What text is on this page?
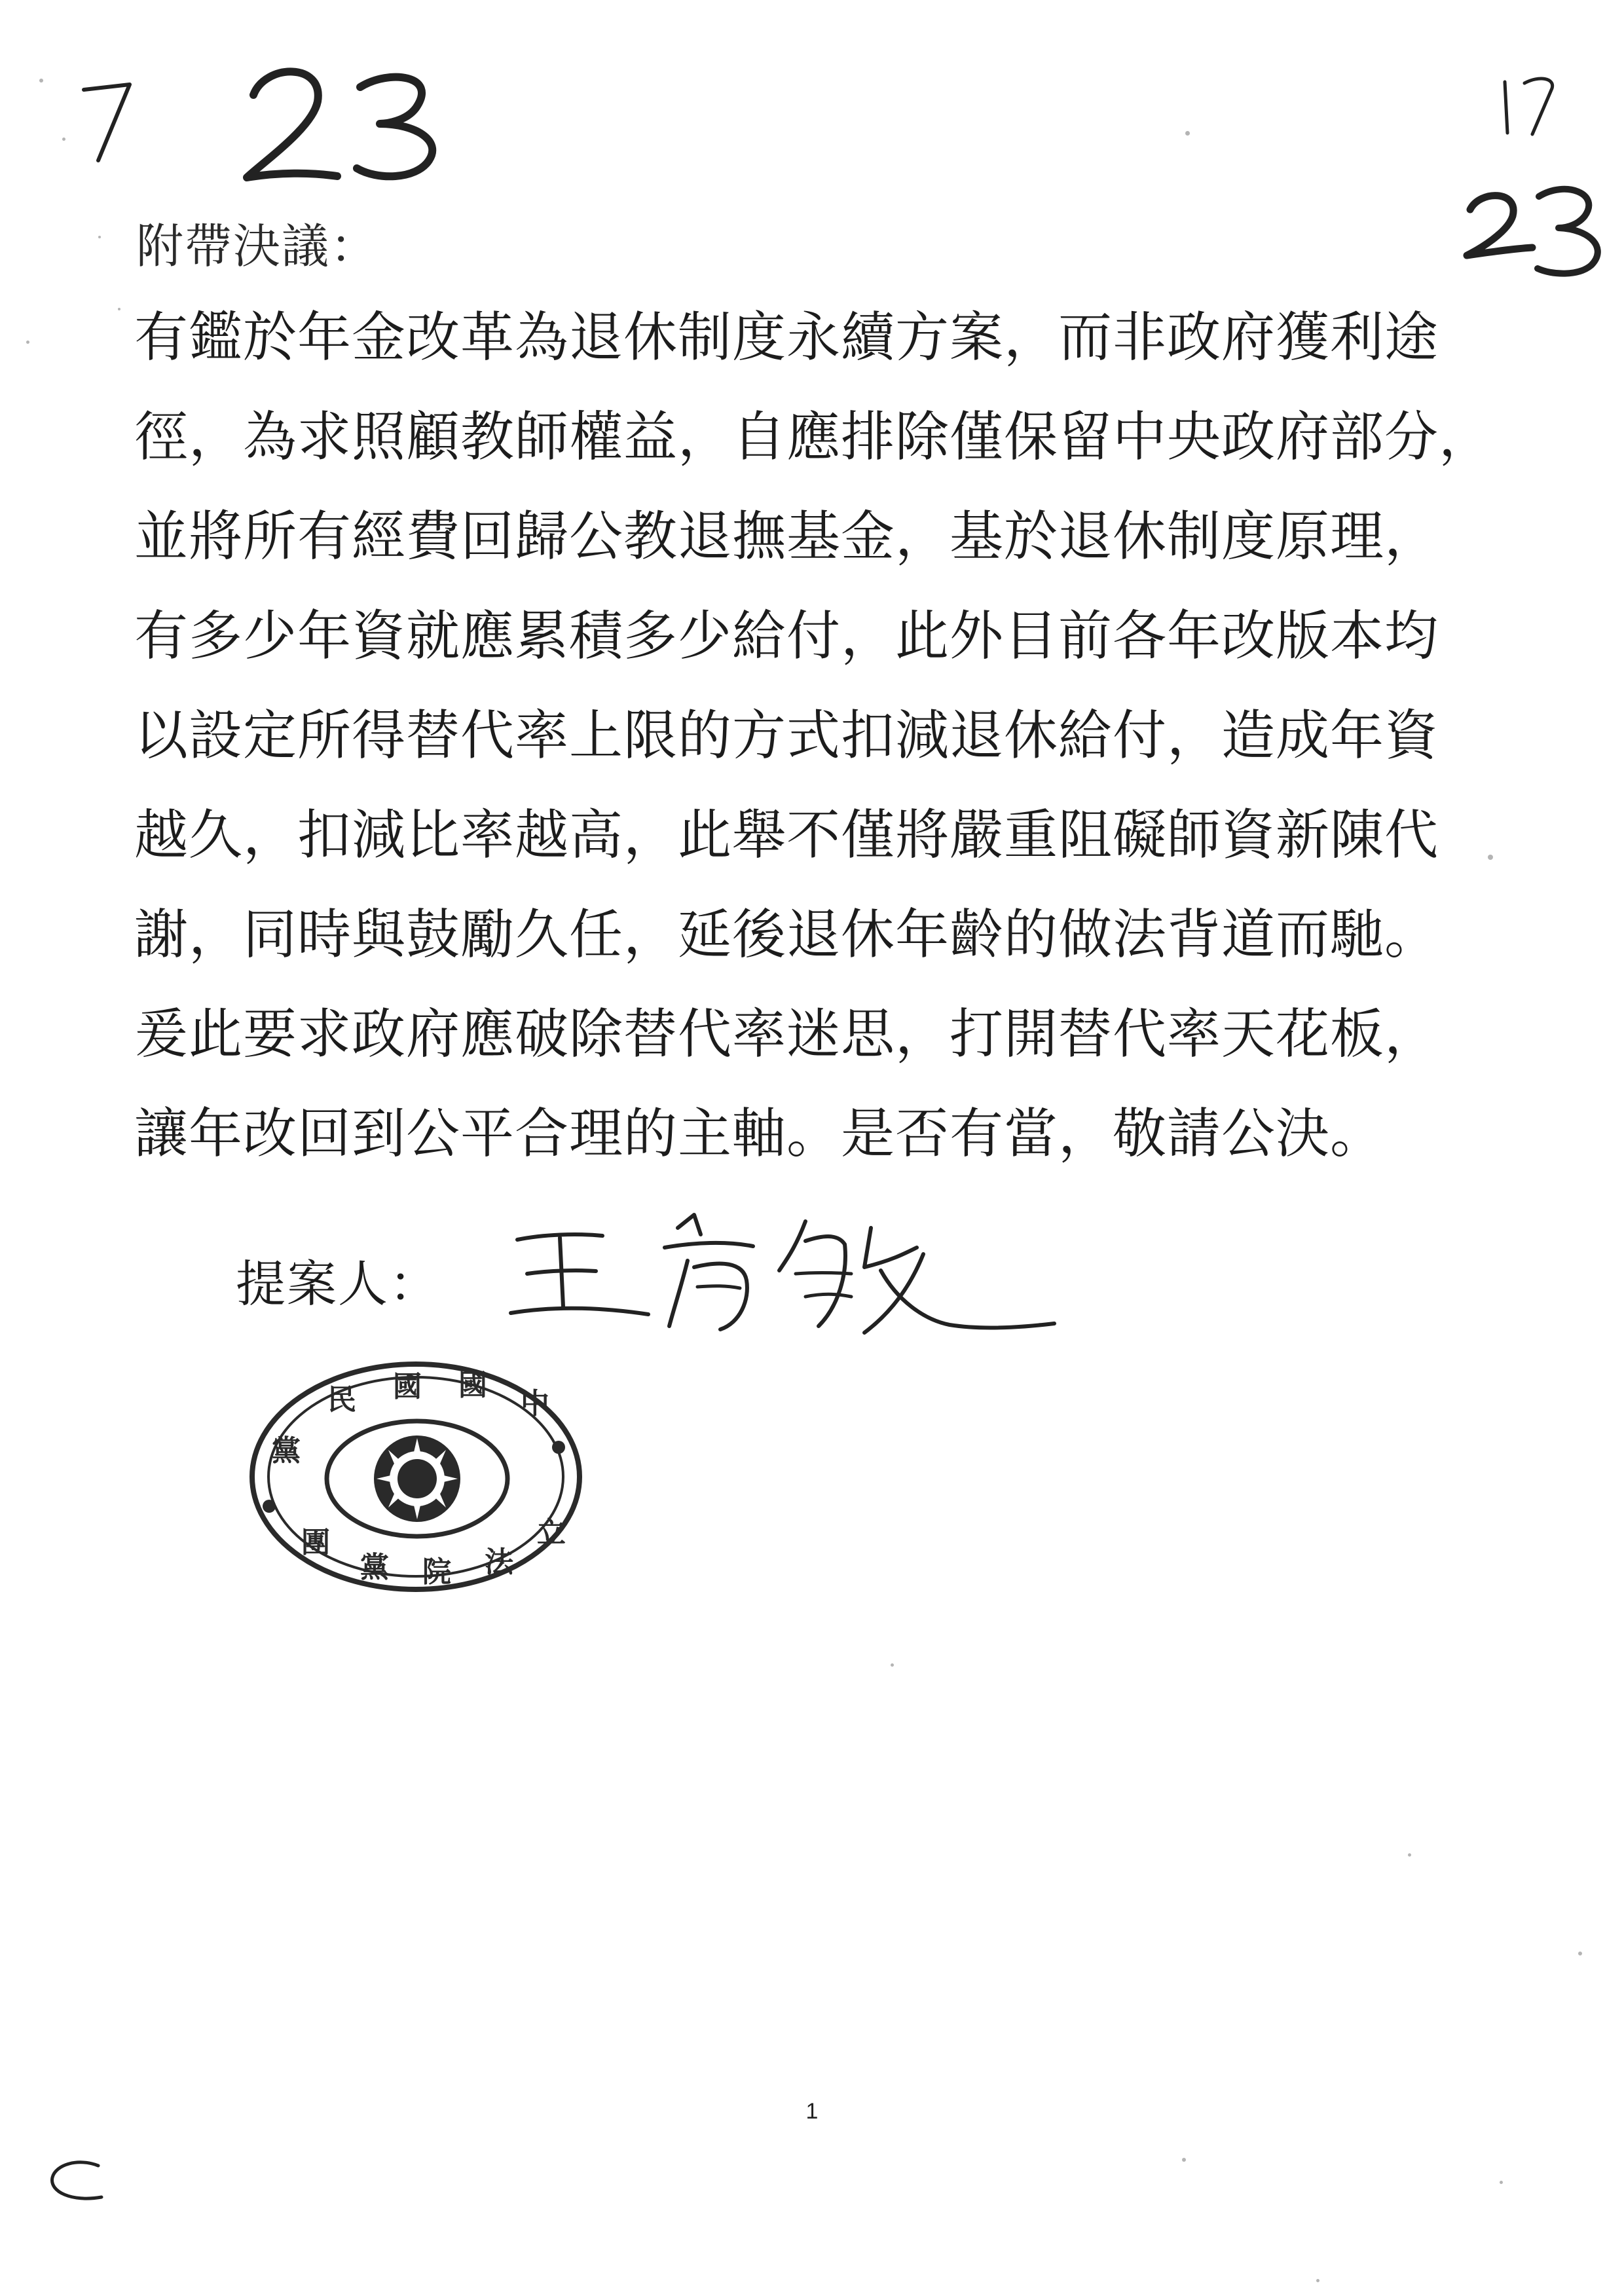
附帶決議：
有鑑於年金改革為退休制度永續方案，而非政府獲利途
徑，為求照顧教師權益，自應排除僅保留中央政府部分，
並將所有經費回歸公教退撫基金，基於退休制度原理，
有多少年資就應累積多少給付，此外目前各年改版本均
以設定所得替代率上限的方式扣減退休給付，造成年資
越久，扣減比率越高，此舉不僅將嚴重阻礙師資新陳代
謝，同時與鼓勵久任，延後退休年齡的做法背道而馳。
爰此要求政府應破除替代率迷思，打開替代率天花板，
讓年改回到公平合理的主軸。是否有當，敬請公決。
提案人：
民 國 國
中
黨
立
法
院
黨
團
1
